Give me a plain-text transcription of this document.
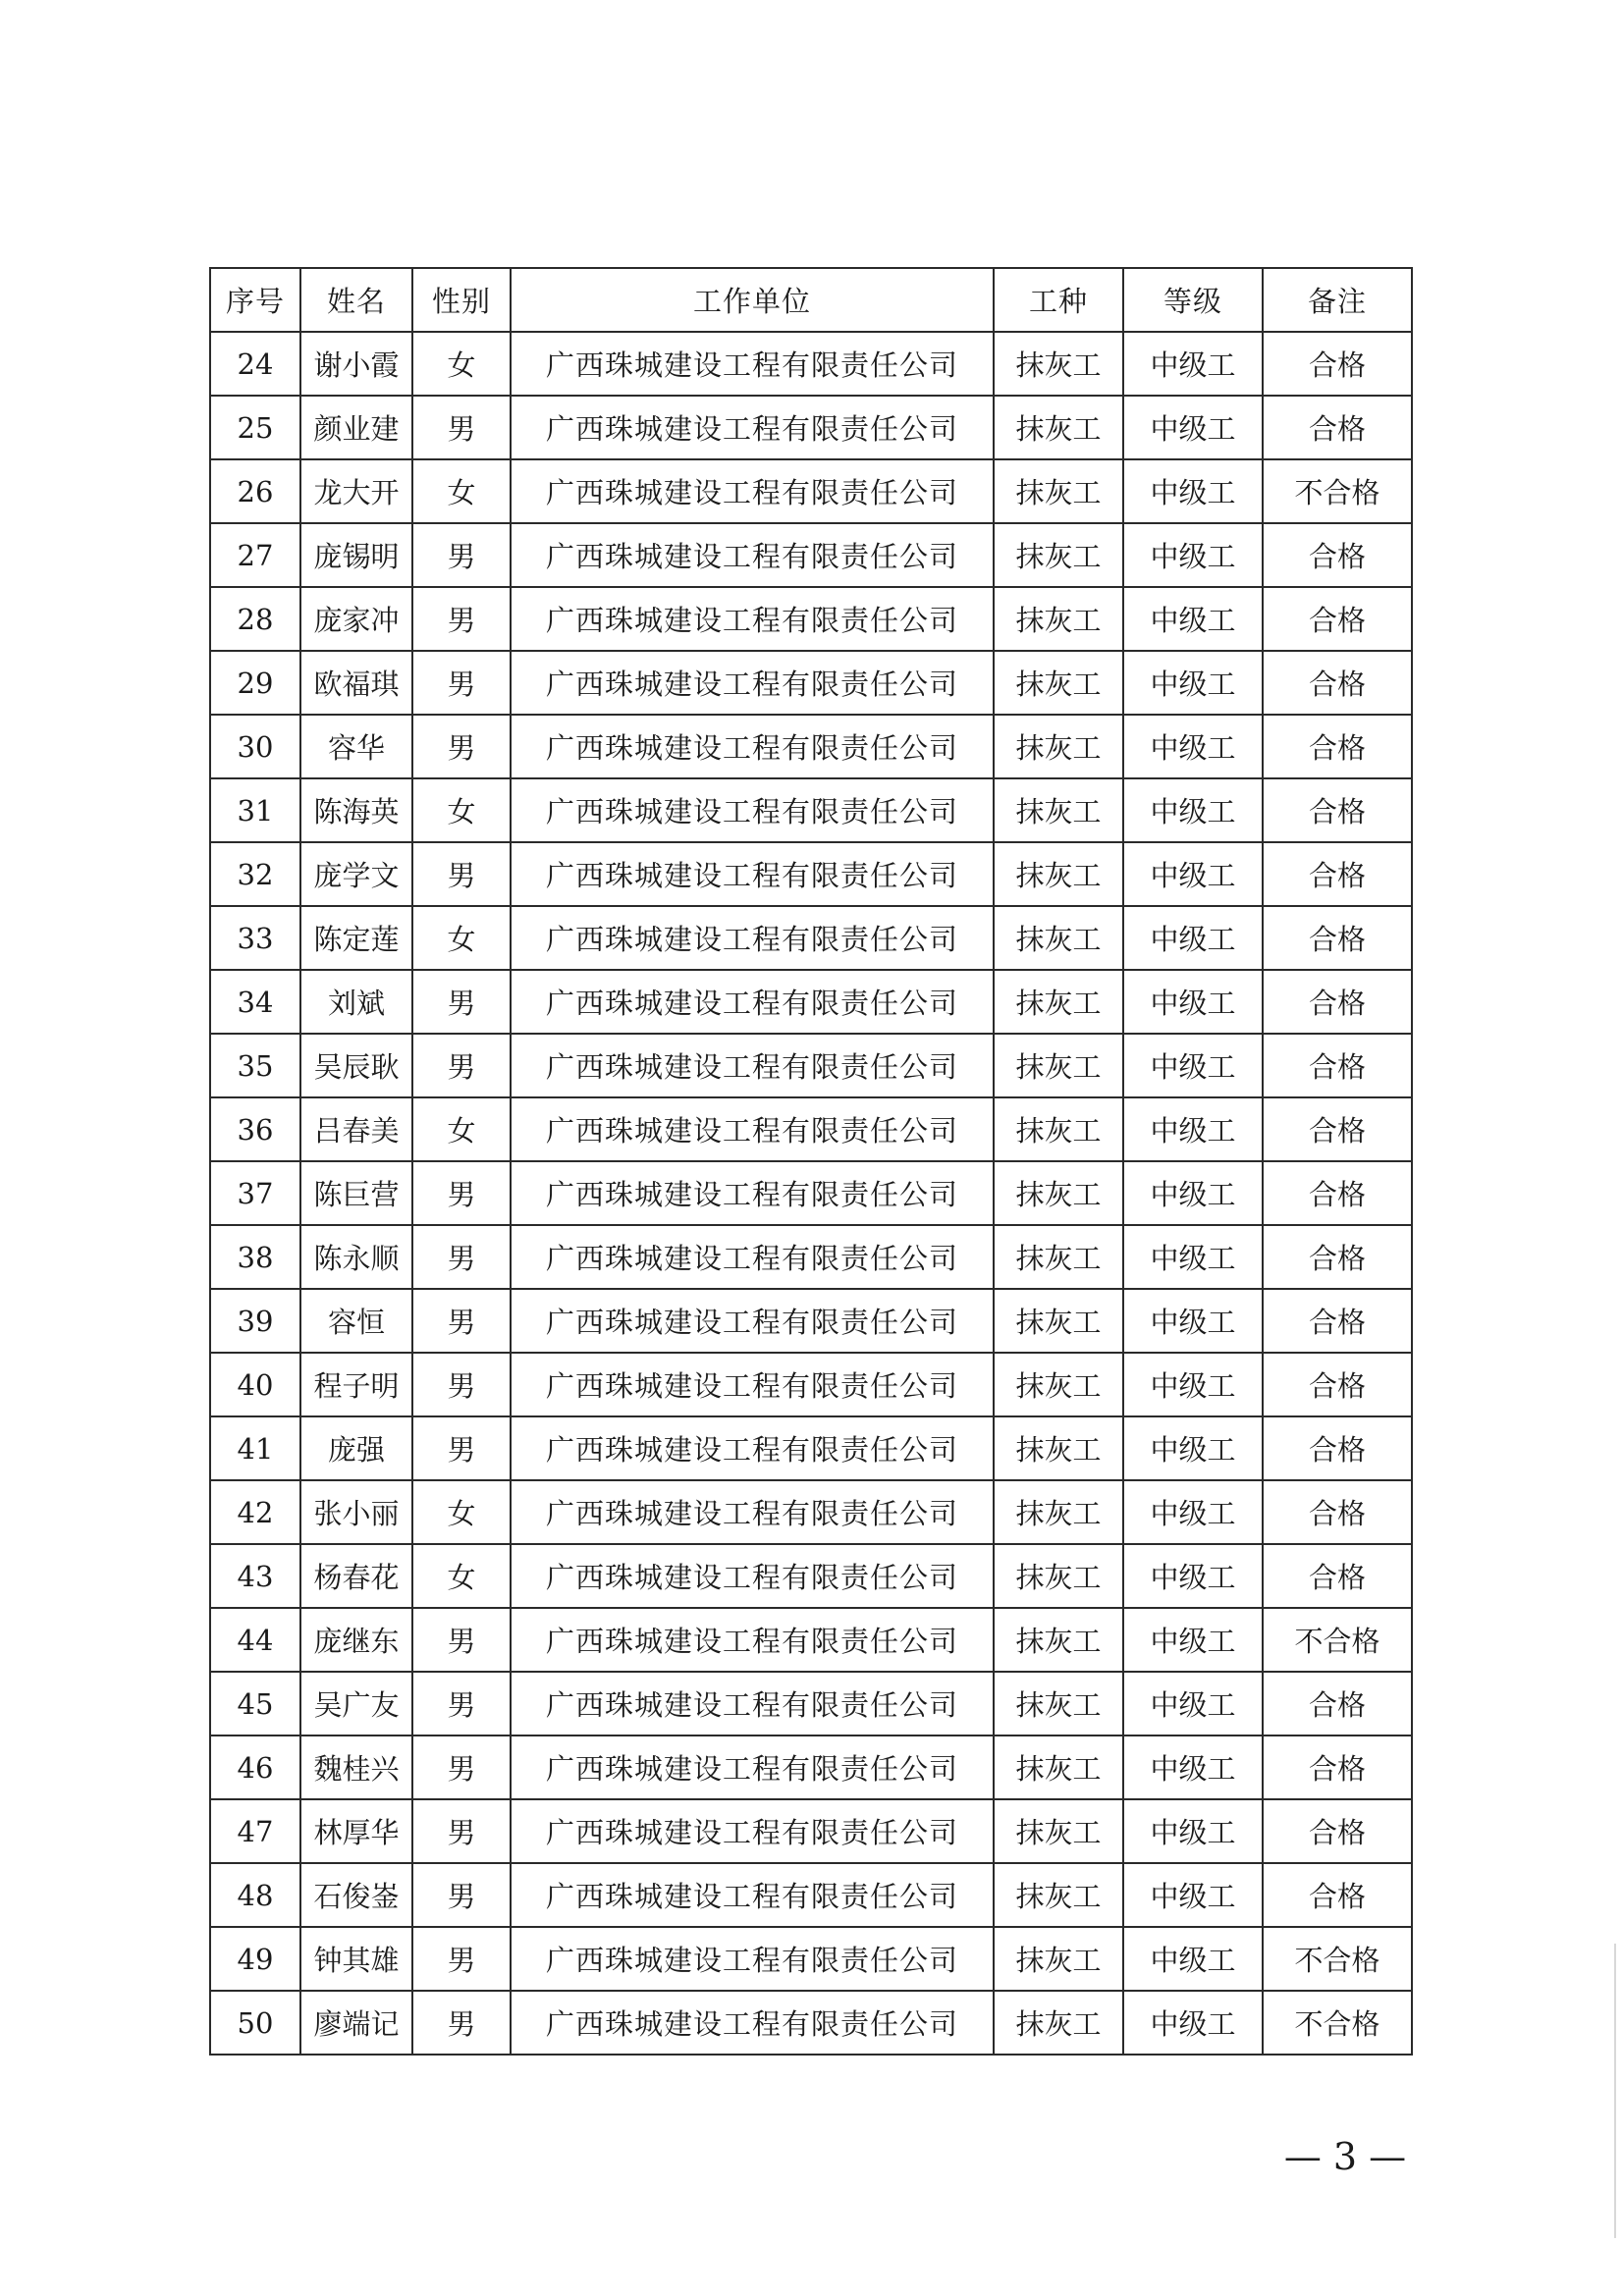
序号	姓名	性别	工作单位	工种	等级	备注
24	谢小霞	女	广西珠城建设工程有限责任公司	抹灰工	中级工	合格
25	颜业建	男	广西珠城建设工程有限责任公司	抹灰工	中级工	合格
26	龙大开	女	广西珠城建设工程有限责任公司	抹灰工	中级工	不合格
27	庞锡明	男	广西珠城建设工程有限责任公司	抹灰工	中级工	合格
28	庞家冲	男	广西珠城建设工程有限责任公司	抹灰工	中级工	合格
29	欧福琪	男	广西珠城建设工程有限责任公司	抹灰工	中级工	合格
30	容华	男	广西珠城建设工程有限责任公司	抹灰工	中级工	合格
31	陈海英	女	广西珠城建设工程有限责任公司	抹灰工	中级工	合格
32	庞学文	男	广西珠城建设工程有限责任公司	抹灰工	中级工	合格
33	陈定莲	女	广西珠城建设工程有限责任公司	抹灰工	中级工	合格
34	刘斌	男	广西珠城建设工程有限责任公司	抹灰工	中级工	合格
35	吴辰耿	男	广西珠城建设工程有限责任公司	抹灰工	中级工	合格
36	吕春美	女	广西珠城建设工程有限责任公司	抹灰工	中级工	合格
37	陈巨营	男	广西珠城建设工程有限责任公司	抹灰工	中级工	合格
38	陈永顺	男	广西珠城建设工程有限责任公司	抹灰工	中级工	合格
39	容恒	男	广西珠城建设工程有限责任公司	抹灰工	中级工	合格
40	程子明	男	广西珠城建设工程有限责任公司	抹灰工	中级工	合格
41	庞强	男	广西珠城建设工程有限责任公司	抹灰工	中级工	合格
42	张小丽	女	广西珠城建设工程有限责任公司	抹灰工	中级工	合格
43	杨春花	女	广西珠城建设工程有限责任公司	抹灰工	中级工	合格
44	庞继东	男	广西珠城建设工程有限责任公司	抹灰工	中级工	不合格
45	吴广友	男	广西珠城建设工程有限责任公司	抹灰工	中级工	合格
46	魏桂兴	男	广西珠城建设工程有限责任公司	抹灰工	中级工	合格
47	林厚华	男	广西珠城建设工程有限责任公司	抹灰工	中级工	合格
48	石俊崟	男	广西珠城建设工程有限责任公司	抹灰工	中级工	合格
49	钟其雄	男	广西珠城建设工程有限责任公司	抹灰工	中级工	不合格
50	廖端记	男	广西珠城建设工程有限责任公司	抹灰工	中级工	不合格
— 3 —
